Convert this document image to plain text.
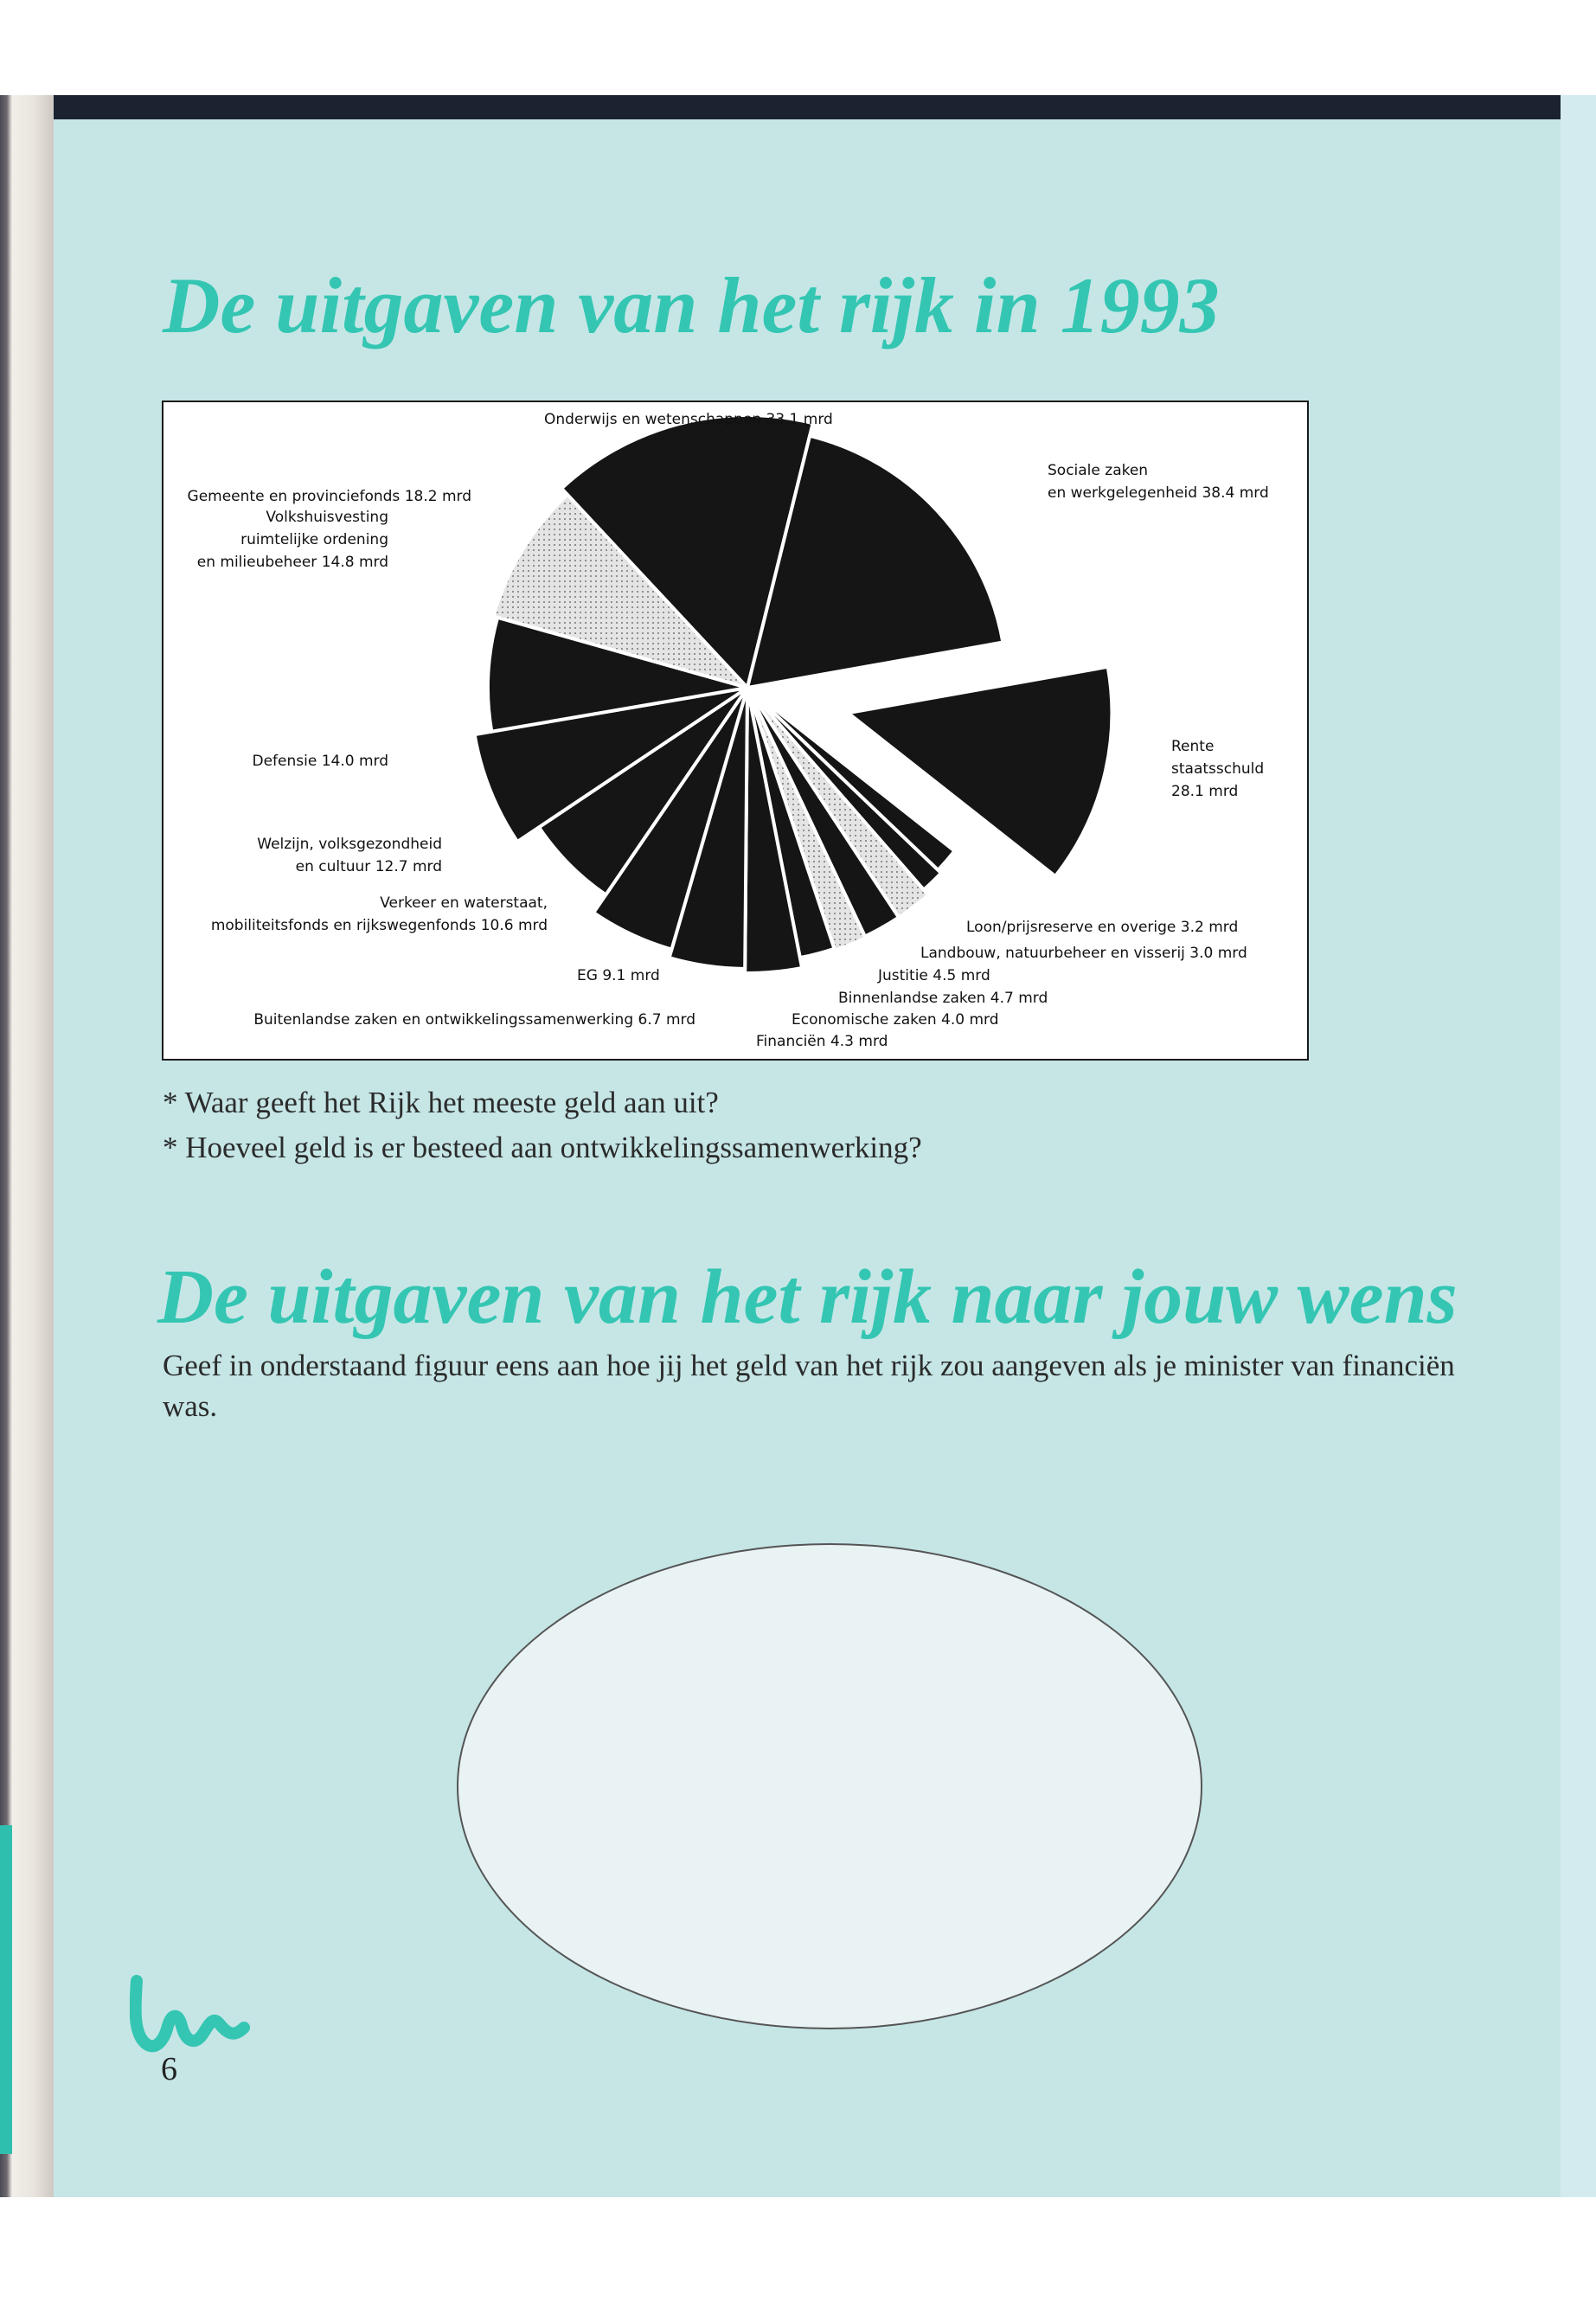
De uitgaven van het rijk in 1993
Onderwijs en wetenschappen 33.1 mrd
Sociale zaken
en werkgelegenheid 38.4 mrd
Rente
staatsschuld
28.1 mrd
Loon/prijsreserve en overige 3.2 mrd
Landbouw, natuurbeheer en visserij 3.0 mrd
Justitie 4.5 mrd
Binnenlandse zaken 4.7 mrd
Economische zaken 4.0 mrd
Financiën 4.3 mrd
Buitenlandse zaken en ontwikkelingssamenwerking 6.7 mrd
EG 9.1 mrd
Verkeer en waterstaat,
mobiliteitsfonds en rijkswegenfonds 10.6 mrd
Welzijn, volksgezondheid
en cultuur 12.7 mrd
Defensie 14.0 mrd
Volkshuisvesting
ruimtelijke ordening
en milieubeheer 14.8 mrd
Gemeente en provinciefonds 18.2 mrd
* Waar geeft het Rijk het meeste geld aan uit?
* Hoeveel geld is er besteed aan ontwikkelingssamenwerking?
De uitgaven van het rijk naar jouw wens
Geef in onderstaand figuur eens aan hoe jij het geld van het rijk zou aangeven als je minister van financiën was.
6
